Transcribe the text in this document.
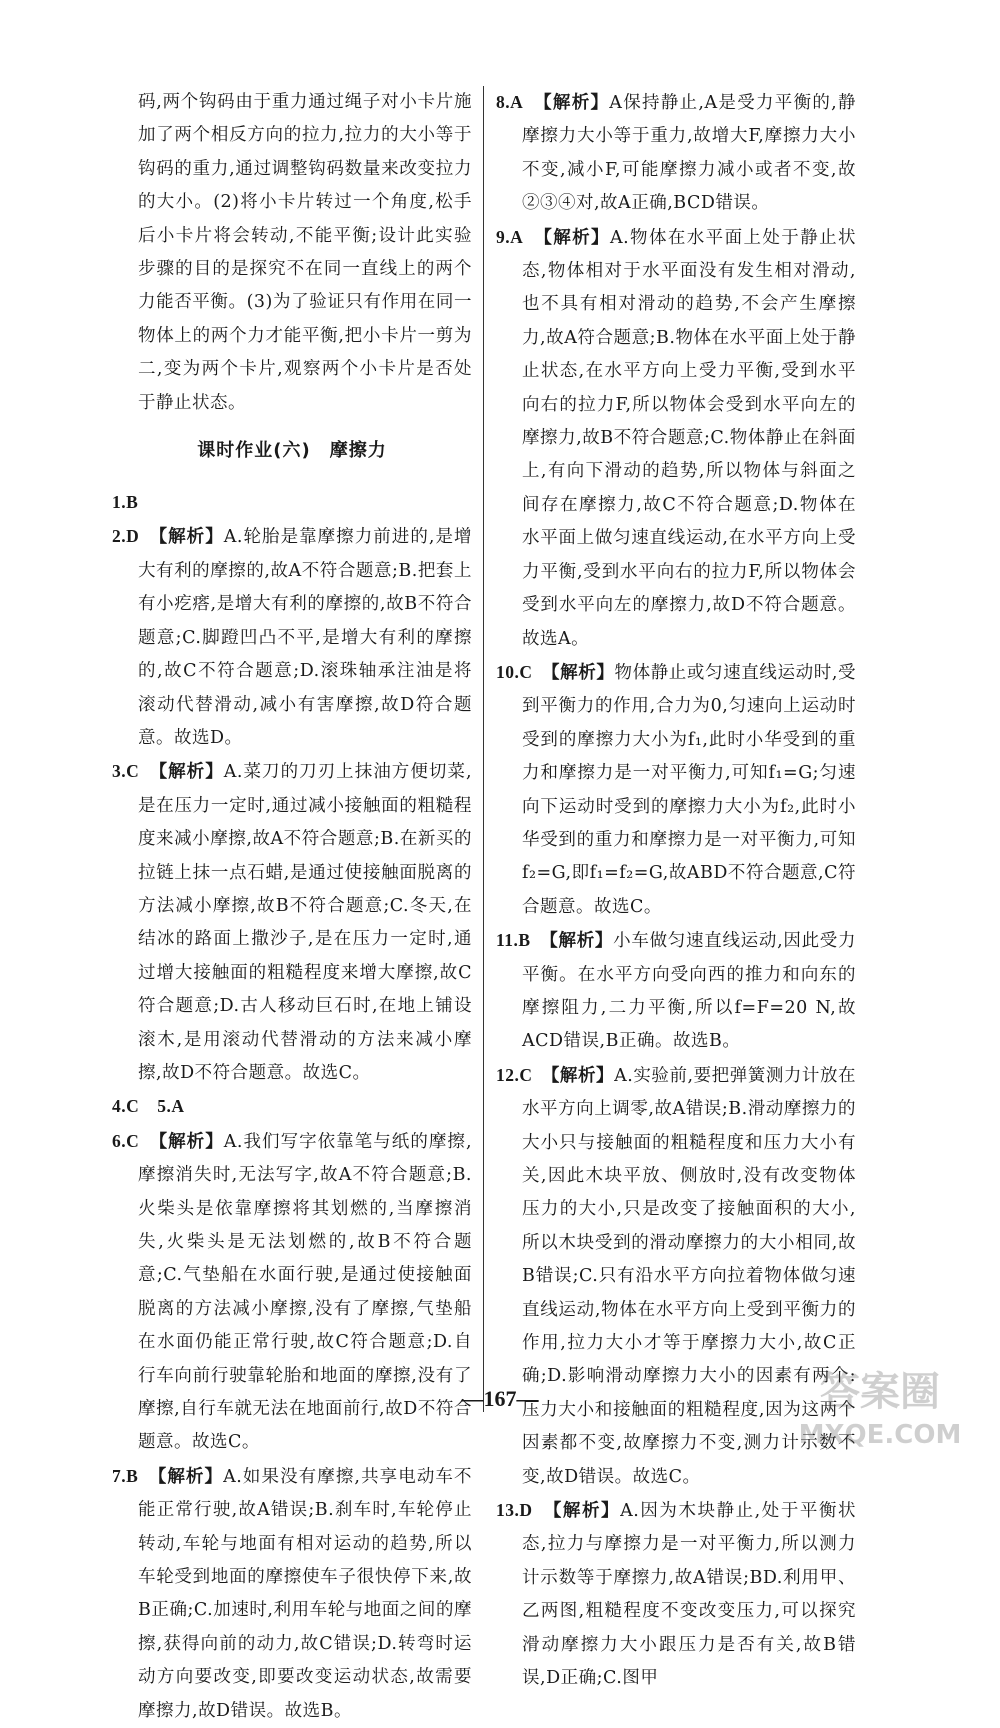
码,两个钩码由于重力通过绳子对小卡片施加了两个相反方向的拉力,拉力的大小等于钩码的重力,通过调整钩码数量来改变拉力的大小。(2)将小卡片转过一个角度,松手后小卡片将会转动,不能平衡;设计此实验步骤的目的是探究不在同一直线上的两个力能否平衡。(3)为了验证只有作用在同一物体上的两个力才能平衡,把小卡片一剪为二,变为两个卡片,观察两个小卡片是否处于静止状态。

课时作业(六)　摩擦力

1.B

2.D　 【解析】A.轮胎是靠摩擦力前进的,是增大有利的摩擦的,故A不符合题意;B.把套上有小疙瘩,是增大有利的摩擦的,故B不符合题意;C.脚蹬凹凸不平,是增大有利的摩擦的,故C不符合题意;D.滚珠轴承注油是将滚动代替滑动,减小有害摩擦,故D符合题意。故选D。

3.C　 【解析】A.菜刀的刀刃上抹油方便切菜,是在压力一定时,通过减小接触面的粗糙程度来减小摩擦,故A不符合题意;B.在新买的拉链上抹一点石蜡,是通过使接触面脱离的方法减小摩擦,故B不符合题意;C.冬天,在结冰的路面上撒沙子,是在压力一定时,通过增大接触面的粗糙程度来增大摩擦,故C符合题意;D.古人移动巨石时,在地上铺设滚木,是用滚动代替滑动的方法来减小摩擦,故D不符合题意。故选C。

4.C　5.A

6.C　 【解析】A.我们写字依靠笔与纸的摩擦,摩擦消失时,无法写字,故A不符合题意;B.火柴头是依靠摩擦将其划燃的,当摩擦消失,火柴头是无法划燃的,故B不符合题意;C.气垫船在水面行驶,是通过使接触面脱离的方法减小摩擦,没有了摩擦,气垫船在水面仍能正常行驶,故C符合题意;D.自行车向前行驶靠轮胎和地面的摩擦,没有了摩擦,自行车就无法在地面前行,故D不符合题意。故选C。

7.B　 【解析】A.如果没有摩擦,共享电动车不能正常行驶,故A错误;B.刹车时,车轮停止转动,车轮与地面有相对运动的趋势,所以车轮受到地面的摩擦使车子很快停下来,故B正确;C.加速时,利用车轮与地面之间的摩擦,获得向前的动力,故C错误;D.转弯时运动方向要改变,即要改变运动状态,故需要摩擦力,故D错误。故选B。

8.A　 【解析】A保持静止,A是受力平衡的,静摩擦力大小等于重力,故增大F,摩擦力大小不变,减小F,可能摩擦力减小或者不变,故②③④对,故A正确,BCD错误。

9.A　 【解析】A.物体在水平面上处于静止状态,物体相对于水平面没有发生相对滑动,也不具有相对滑动的趋势,不会产生摩擦力,故A符合题意;B.物体在水平面上处于静止状态,在水平方向上受力平衡,受到水平向右的拉力F,所以物体会受到水平向左的摩擦力,故B不符合题意;C.物体静止在斜面上,有向下滑动的趋势,所以物体与斜面之间存在摩擦力,故C不符合题意;D.物体在水平面上做匀速直线运动,在水平方向上受力平衡,受到水平向右的拉力F,所以物体会受到水平向左的摩擦力,故D不符合题意。故选A。

10.C　 【解析】物体静止或匀速直线运动时,受到平衡力的作用,合力为0,匀速向上运动时受到的摩擦力大小为f₁,此时小华受到的重力和摩擦力是一对平衡力,可知f₁=G;匀速向下运动时受到的摩擦力大小为f₂,此时小华受到的重力和摩擦力是一对平衡力,可知f₂=G,即f₁=f₂=G,故ABD不符合题意,C符合题意。故选C。

11.B　 【解析】小车做匀速直线运动,因此受力平衡。在水平方向受向西的推力和向东的摩擦阻力,二力平衡,所以f=F=20 N,故ACD错误,B正确。故选B。

12.C　 【解析】A.实验前,要把弹簧测力计放在水平方向上调零,故A错误;B.滑动摩擦力的大小只与接触面的粗糙程度和压力大小有关,因此木块平放、侧放时,没有改变物体压力的大小,只是改变了接触面积的大小,所以木块受到的滑动摩擦力的大小相同,故B错误;C.只有沿水平方向拉着物体做匀速直线运动,物体在水平方向上受到平衡力的作用,拉力大小才等于摩擦力大小,故C正确;D.影响滑动摩擦力大小的因素有两个:压力大小和接触面的粗糙程度,因为这两个因素都不变,故摩擦力不变,测力计示数不变,故D错误。故选C。

13.D　 【解析】A.因为木块静止,处于平衡状态,拉力与摩擦力是一对平衡力,所以测力计示数等于摩擦力,故A错误;BD.利用甲、乙两图,粗糙程度不变改变压力,可以探究滑动摩擦力大小跟压力是否有关,故B错误,D正确;C.图甲

—167—	答案圈
MXQE.COM
